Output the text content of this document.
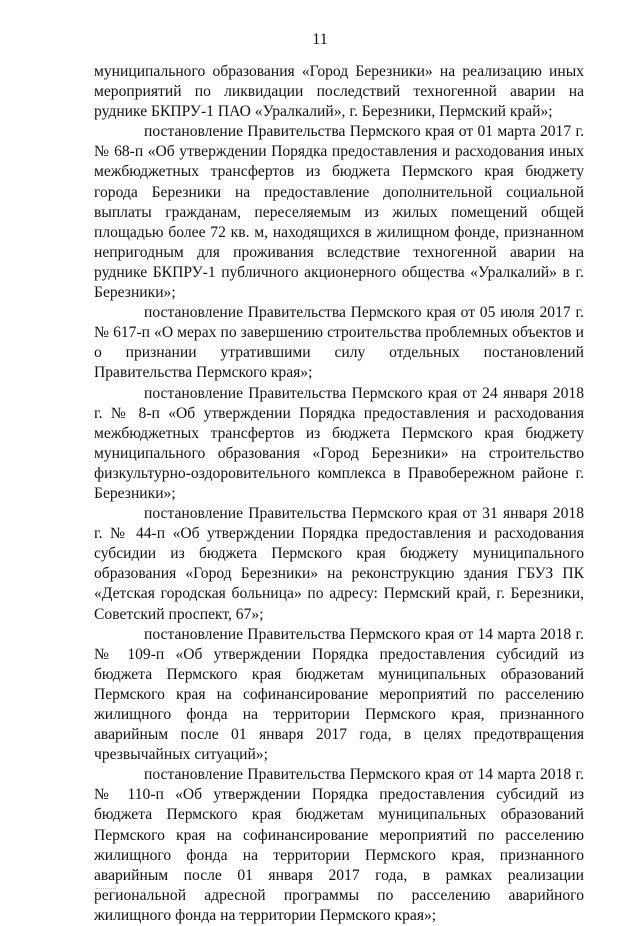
11

муниципального образования «Город Березники» на реализацию иных мероприятий по ликвидации последствий техногенной аварии на руднике БКПРУ-1 ПАО «Уралкалий», г. Березники, Пермский край»;

постановление Правительства Пермского края от 01 марта 2017 г. № 68-п «Об утверждении Порядка предоставления и расходования иных межбюджетных трансфертов из бюджета Пермского края бюджету города Березники на предоставление дополнительной социальной выплаты гражданам, переселяемым из жилых помещений общей площадью более 72 кв. м, находящихся в жилищном фонде, признанном непригодным для проживания вследствие техногенной аварии на руднике БКПРУ-1 публичного акционерного общества «Уралкалий» в г. Березники»;

постановление Правительства Пермского края от 05 июля 2017 г. № 617-п «О мерах по завершению строительства проблемных объектов и о признании утратившими силу отдельных постановлений Правительства Пермского края»;

постановление Правительства Пермского края от 24 января 2018 г. № 8-п «Об утверждении Порядка предоставления и расходования межбюджетных трансфертов из бюджета Пермского края бюджету муниципального образования «Город Березники» на строительство физкультурно-оздоровительного комплекса в Правобережном районе г. Березники»;

постановление Правительства Пермского края от 31 января 2018 г. № 44-п «Об утверждении Порядка предоставления и расходования субсидии из бюджета Пермского края бюджету муниципального образования «Город Березники» на реконструкцию здания ГБУЗ ПК «Детская городская больница» по адресу: Пермский край, г. Березники, Советский проспект, 67»;

постановление Правительства Пермского края от 14 марта 2018 г. № 109-п «Об утверждении Порядка предоставления субсидий из бюджета Пермского края бюджетам муниципальных образований Пермского края на софинансирование мероприятий по расселению жилищного фонда на территории Пермского края, признанного аварийным после 01 января 2017 года, в целях предотвращения чрезвычайных ситуаций»;

постановление Правительства Пермского края от 14 марта 2018 г. № 110-п «Об утверждении Порядка предоставления субсидий из бюджета Пермского края бюджетам муниципальных образований Пермского края на софинансирование мероприятий по расселению жилищного фонда на территории Пермского края, признанного аварийным после 01 января 2017 года, в рамках реализации региональной адресной программы по расселению аварийного жилищного фонда на территории Пермского края»;
